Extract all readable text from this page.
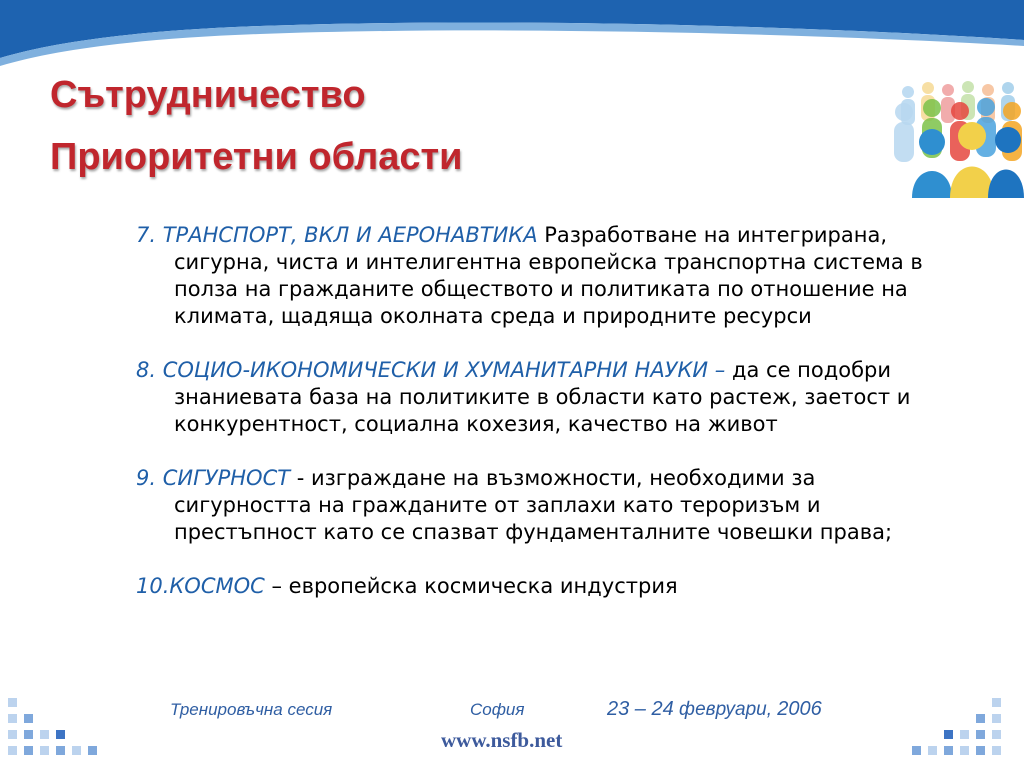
Сътрудничество
Приоритетни области

7. ТРАНСПОРТ, ВКЛ И АЕРОНАВТИКА Разработване на интегрирана, сигурна, чиста и интелигентна европейска транспортна система в полза на гражданите обществото и политиката по отношение на климата, щадяща околната среда и природните ресурси

8. СОЦИО-ИКОНОМИЧЕСКИ И ХУМАНИТАРНИ НАУКИ – да се подобри знаниевата база на политиките в области като растеж, заетост и конкурентност, социална кохезия, качество на живот

9. СИГУРНОСТ - изграждане на възможности, необходими за сигурността на гражданите от заплахи като тероризъм и престъпност като се спазват фундаменталните човешки права;

10.КОСМОС – европейска космическа индустрия

Тренировъчна сесия	София	23 – 24 февруари, 2006
www.nsfb.net
